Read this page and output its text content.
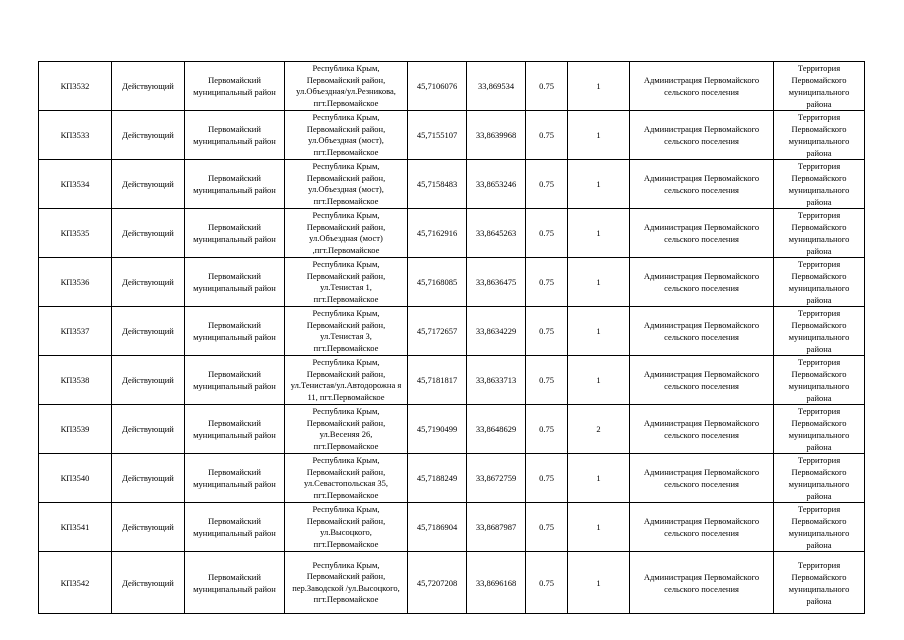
КП3532	Действующий	Первомайский муниципальный район	Республика Крым, Первомайский район, ул.Объездная/ул.Резникова, пгт.Первомайское	45,7106076	33,869534	0.75	1	Администрация Первомайского сельского поселения	Территория Первомайского муниципального района
КП3533	Действующий	Первомайский муниципальный район	Республика Крым, Первомайский район, ул.Объездная (мост), пгт.Первомайское	45,7155107	33,8639968	0.75	1	Администрация Первомайского сельского поселения	Территория Первомайского муниципального района
КП3534	Действующий	Первомайский муниципальный район	Республика Крым, Первомайский район, ул.Объездная (мост), пгт.Первомайское	45,7158483	33,8653246	0.75	1	Администрация Первомайского сельского поселения	Территория Первомайского муниципального района
КП3535	Действующий	Первомайский муниципальный район	Республика Крым, Первомайский район, ул.Объездная (мост) ,пгт.Первомайское	45,7162916	33,8645263	0.75	1	Администрация Первомайского сельского поселения	Территория Первомайского муниципального района
КП3536	Действующий	Первомайский муниципальный район	Республика Крым, Первомайский район, ул.Тенистая 1, пгт.Первомайское	45,7168085	33,8636475	0.75	1	Администрация Первомайского сельского поселения	Территория Первомайского муниципального района
КП3537	Действующий	Первомайский муниципальный район	Республика Крым, Первомайский район, ул.Тенистая 3, пгт.Первомайское	45,7172657	33,8634229	0.75	1	Администрация Первомайского сельского поселения	Территория Первомайского муниципального района
КП3538	Действующий	Первомайский муниципальный район	Республика Крым, Первомайский район, ул.Тенистая/ул.Автодорожна я 11, пгт.Первомайское	45,7181817	33,8633713	0.75	1	Администрация Первомайского сельского поселения	Территория Первомайского муниципального района
КП3539	Действующий	Первомайский муниципальный район	Республика Крым, Первомайский район, ул.Весеняя 26, пгт.Первомайское	45,7190499	33,8648629	0.75	2	Администрация Первомайского сельского поселения	Территория Первомайского муниципального района
КП3540	Действующий	Первомайский муниципальный район	Республика Крым, Первомайский район, ул.Севастопольская 35, пгт.Первомайское	45,7188249	33,8672759	0.75	1	Администрация Первомайского сельского поселения	Территория Первомайского муниципального района
КП3541	Действующий	Первомайский муниципальный район	Республика Крым, Первомайский район, ул.Высоцкого, пгт.Первомайское	45,7186904	33,8687987	0.75	1	Администрация Первомайского сельского поселения	Территория Первомайского муниципального района
КП3542	Действующий	Первомайский муниципальный район	Республика Крым, Первомайский район, пер.Заводской /ул.Высоцкого, пгт.Первомайское	45,7207208	33,8696168	0.75	1	Администрация Первомайского сельского поселения	Территория Первомайского муниципального района
